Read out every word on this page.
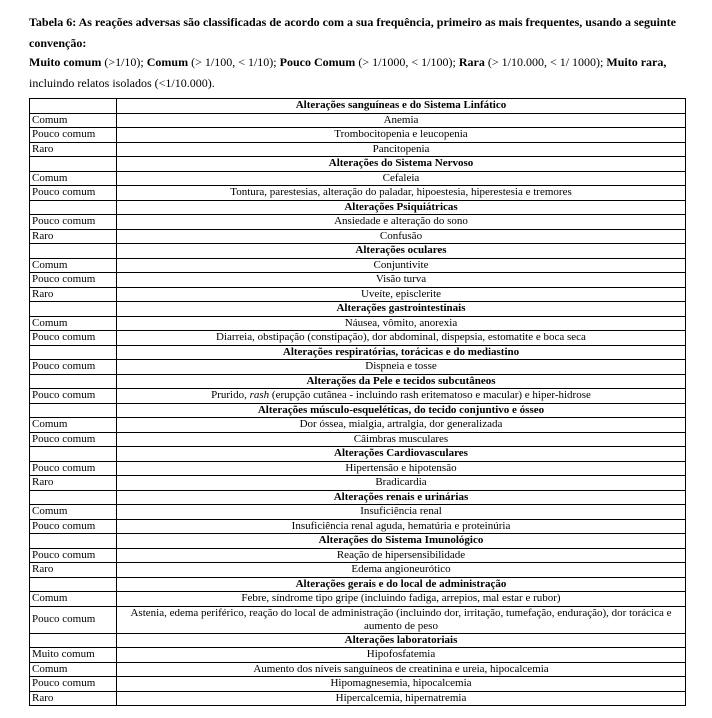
Tabela 6: As reações adversas são classificadas de acordo com a sua frequência, primeiro as mais frequentes, usando a seguinte convenção:
Muito comum (>1/10); Comum (> 1/100, < 1/10); Pouco Comum (> 1/1000, < 1/100); Rara (> 1/10.000, < 1/ 1000); Muito rara, incluindo relatos isolados (<1/10.000).
	Alterações sanguíneas e do Sistema Linfático
Comum	Anemia
Pouco comum	Trombocitopenia e leucopenia
Raro	Pancitopenia
	Alterações do Sistema Nervoso
Comum	Cefaleia
Pouco comum	Tontura, parestesias, alteração do paladar, hipoestesia, hiperestesia e tremores
	Alterações Psiquiátricas
Pouco comum	Ansiedade e alteração do sono
Raro	Confusão
	Alterações oculares
Comum	Conjuntivite
Pouco comum	Visão turva
Raro	Uveíte, episclerite
	Alterações gastrointestinais
Comum	Náusea, vômito, anorexia
Pouco comum	Diarreia, obstipação (constipação), dor abdominal, dispepsia, estomatite e boca seca
	Alterações respiratórias, torácicas e do mediastino
Pouco comum	Dispneia e tosse
	Alterações da Pele e tecidos subcutâneos
Pouco comum	Prurido, rash (erupção cutânea - incluindo rash eritematoso e macular) e hiper-hidrose
	Alterações músculo-esqueléticas, do tecido conjuntivo e ósseo
Comum	Dor óssea, mialgia, artralgia, dor generalizada
Pouco comum	Câimbras musculares
	Alterações Cardiovasculares
Pouco comum	Hipertensão e hipotensão
Raro	Bradicardia
	Alterações renais e urinárias
Comum	Insuficiência renal
Pouco comum	Insuficiência renal aguda, hematúria e proteinúria
	Alterações do Sistema Imunológico
Pouco comum	Reação de hipersensibilidade
Raro	Edema angioneurótico
	Alterações gerais e do local de administração
Comum	Febre, síndrome tipo gripe (incluindo fadiga, arrepios, mal estar e rubor)
Pouco comum	Astenia, edema periférico, reação do local de administração (incluindo dor, irritação, tumefação, enduração), dor torácica e aumento de peso
	Alterações laboratoriais
Muito comum	Hipofosfatemia
Comum	Aumento dos níveis sanguíneos de creatinina e ureia, hipocalcemia
Pouco comum	Hipomagnesemia, hipocalcemia
Raro	Hipercalcemia, hipernatremia
